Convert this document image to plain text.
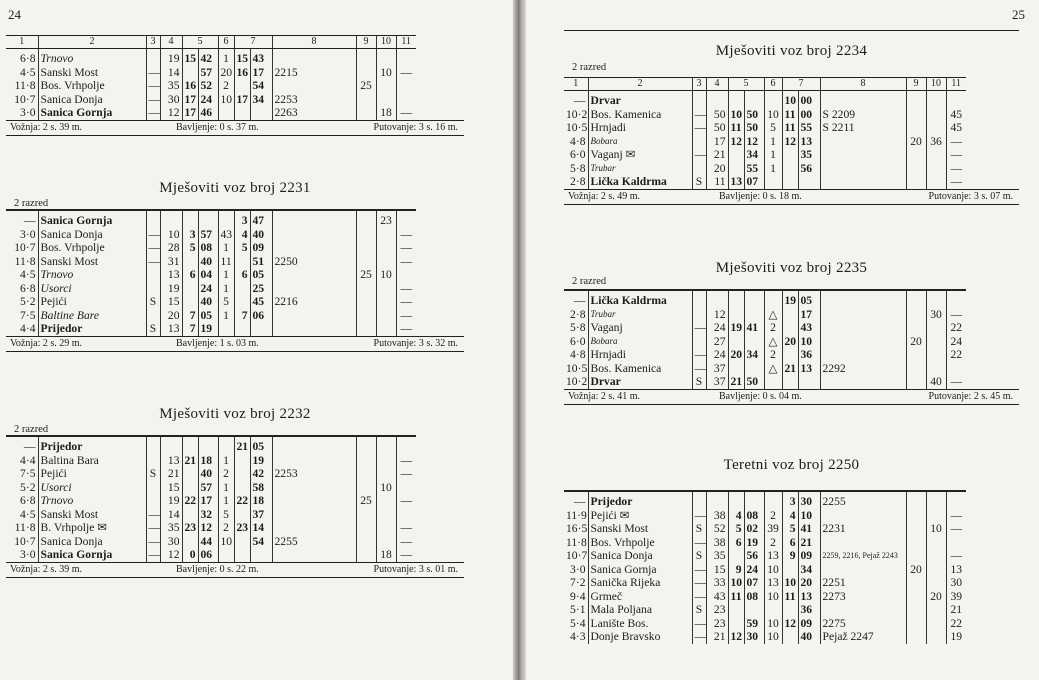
24
1	2	3	4	5		6	7		8	9	10	11
6·8	Trnovo		19	15	42	1	15	43				
4·5	Sanski Most	—	14		57	20	16	17	2215		10	—
11·8	Bos. Vrhpolje	—	35	16	52	2		54		25		
10·7	Sanica Donja	—	30	17	24	10	17	34	2253			
3·0	Sanica Gornja	—	12	17	46				2263		18	—
Vožnja: 2 s. 39 m.	Bavljenje: 0 s. 37 m.	Putovanje: 3 s. 16 m.
Mješoviti voz broj 2231
2 razred
—	Sanica Gornja						3	47			23	
3·0	Sanica Donja	—	10	3	57	43	4	40				—
10·7	Bos. Vrhpolje	—	28	5	08	1	5	09				—
11·8	Sanski Most	—	31		40	11		51	2250			—
4·5	Trnovo		13	6	04	1	6	05		25	10	
6·8	Usorci		19		24	1		25				—
5·2	Pejići	S	15		40	5		45	2216			—
7·5	Baltine Bare		20	7	05	1	7	06				—
4·4	Prijedor	S	13	7	19							—
Vožnja: 2 s. 29 m.	Bavljenje: 1 s. 03 m.	Putovanje: 3 s. 32 m.
Mješoviti voz broj 2232
2 razred
—	Prijedor						21	05				
4·4	Baltina Bara		13	21	18	1		19				—
7·5	Pejići	S	21		40	2		42	2253			—
5·2	Usorci		15		57	1		58			10	
6·8	Trnovo		19	22	17	1	22	18		25		—
4·5	Sanski Most	—	14		32	5		37				
11·8	B. Vrhpolje ✉	—	35	23	12	2	23	14				—
10·7	Sanica Donja	—	30		44	10		54	2255			—
3·0	Sanica Gornja	—	12	0	06						18	—
Vožnja: 2 s. 39 m.	Bavljenje: 0 s. 22 m.	Putovanje: 3 s. 01 m.
25
Mješoviti voz broj 2234
2 razred
1	2	3	4	5		6	7		8	9	10	11
—	Drvar						10	00				
10·2	Bos. Kamenica	—	50	10	50	10	11	00	S 2209			45
10·5	Hrnjadi	—	50	11	50	5	11	55	S 2211			45
4·8	Bobara		17	12	12	1	12	13		20	36	—
6·0	Vaganj ✉	—	21		34	1		35				—
5·8	Trubar		20		55	1		56				—
2·8	Lička Kaldrma	S	11	13	07							—
Vožnja: 2 s. 49 m.	Bavljenje: 0 s. 18 m.	Putovanje: 3 s. 07 m.
Mješoviti voz broj 2235
2 razred
—	Lička Kaldrma						19	05				
2·8	Trubar		12			△		17			30	—
5·8	Vaganj	—	24	19	41	2		43				22
6·0	Bobara		27			△	20	10		20		24
4·8	Hrnjadi	—	24	20	34	2		36				22
10·5	Bos. Kamenica	—	37			△	21	13	2292			
10·2	Drvar	S	37	21	50						40	—
Vožnja: 2 s. 41 m.	Bavljenje: 0 s. 04 m.	Putovanje: 2 s. 45 m.
Teretni voz broj 2250
—	Prijedor						3	30	2255			
11·9	Pejići ✉	—	38	4	08	2	4	10				—
16·5	Sanski Most	S	52	5	02	39	5	41	2231		10	—
11·8	Bos. Vrhpolje	—	38	6	19	2	6	21				
10·7	Sanica Donja	S	35		56	13	9	09	2259, 2216, Pejaž 2243			—
3·0	Sanica Gornja	—	15	9	24	10		34		20		13
7·2	Sanička Rijeka	—	33	10	07	13	10	20	2251			30
9·4	Grmeč	—	43	11	08	10	11	13	2273		20	39
5·1	Mala Poljana	S	23					36				21
5·4	Lanište Bos.	—	23		59	10	12	09	2275			22
4·3	Donje Bravsko	—	21	12	30	10		40	Pejaž 2247			19
